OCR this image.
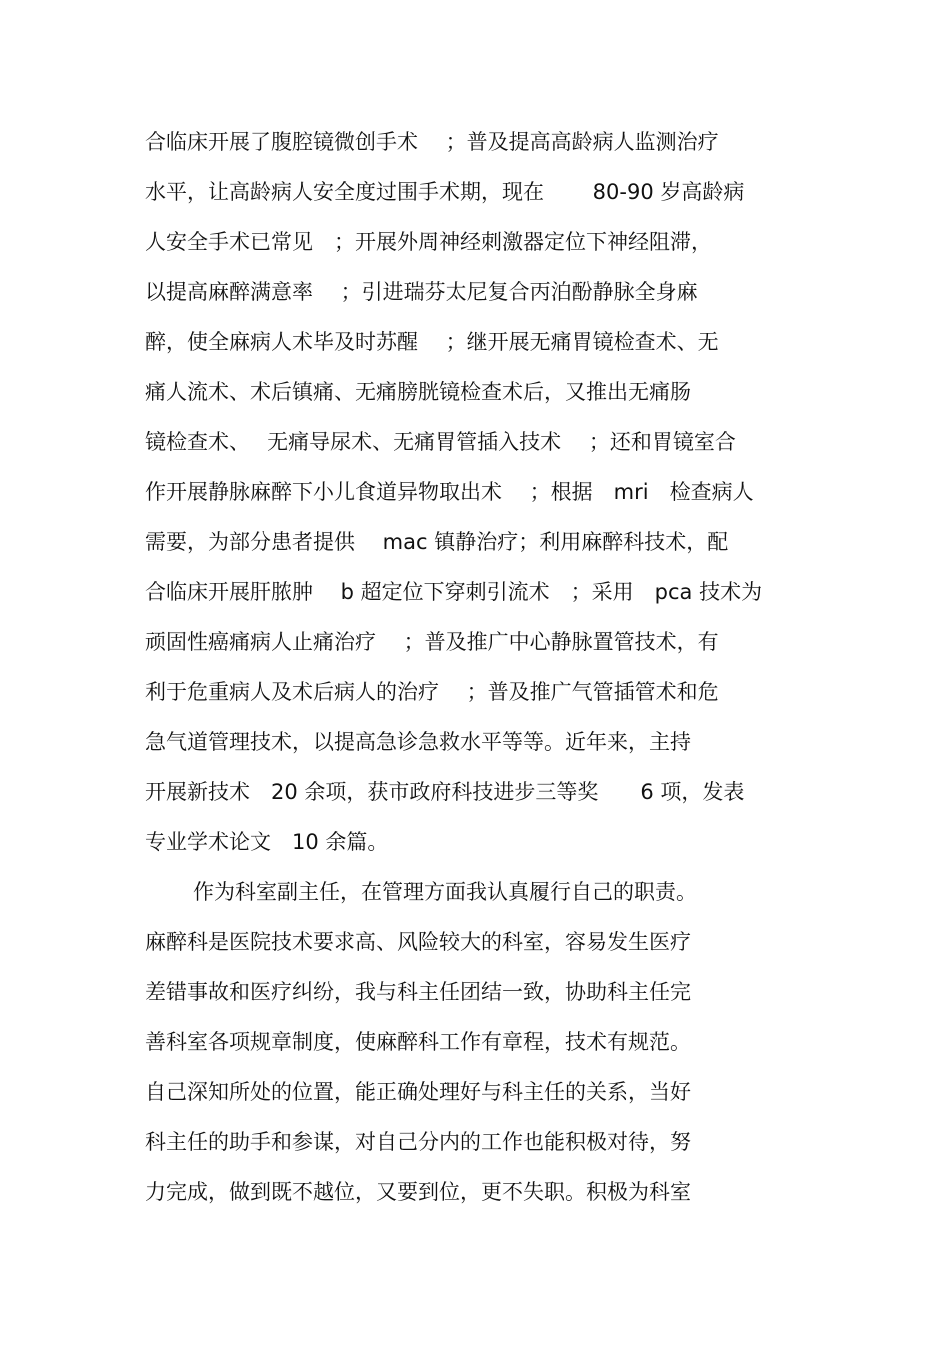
合临床开展了腹腔镜微创手术　 ；普及提高高龄病人监测治疗
水平，让高龄病人安全度过围手术期，现在　　 80-90 岁高龄病
人安全手术已常见　；开展外周神经刺激器定位下神经阻滞，
以提高麻醉满意率　 ；引进瑞芬太尼复合丙泊酚静脉全身麻
醉，使全麻病人术毕及时苏醒　 ；继开展无痛胃镜检查术、无
痛人流术、术后镇痛、无痛膀胱镜检查术后，又推出无痛肠
镜检查术、　 无痛导尿术、无痛胃管插入技术　 ；还和胃镜室合
作开展静脉麻醉下小儿食道异物取出术　 ；根据　mri　检查病人
需要，为部分患者提供　 mac 镇静治疗；利用麻醉科技术，配
合临床开展肝脓肿　 b 超定位下穿刺引流术　；采用　pca 技术为
顽固性癌痛病人止痛治疗　 ；普及推广中心静脉置管技术，有
利于危重病人及术后病人的治疗　 ；普及推广气管插管术和危
急气道管理技术，以提高急诊急救水平等等。近年来，主持
开展新技术　20 余项，获市政府科技进步三等奖　　6 项，发表
专业学术论文　10 余篇。
作为科室副主任，在管理方面我认真履行自己的职责。
麻醉科是医院技术要求高、风险较大的科室，容易发生医疗
差错事故和医疗纠纷，我与科主任团结一致，协助科主任完
善科室各项规章制度，使麻醉科工作有章程，技术有规范。
自己深知所处的位置，能正确处理好与科主任的关系，当好
科主任的助手和参谋，对自己分内的工作也能积极对待，努
力完成，做到既不越位，又要到位，更不失职。积极为科室
